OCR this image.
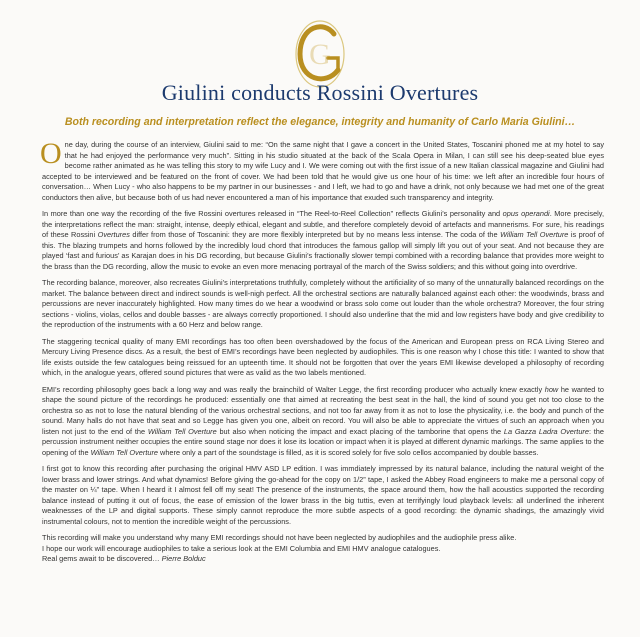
G
Giulini conducts Rossini Overtures
Both recording and interpretation reflect the elegance, integrity and humanity of Carlo Maria Giulini…

One day, during the course of an interview, Giulini said to me: “On the same night that I gave a concert in the United States, Toscanini phoned me at my hotel to say that he had enjoyed the performance very much”. Sitting in his studio situated at the back of the Scala Opera in Milan, I can still see his deep-seated blue eyes become rather animated as he was telling this story to my wife Lucy and I. We were coming out with the first issue of a new Italian classical magazine and Giulini had accepted to be interviewed and be featured on the front of cover. We had been told that he would give us one hour of his time: we left after an incredible four hours of conversation… When Lucy - who also happens to be my partner in our businesses - and I left, we had to go and have a drink, not only because we had met one of the great conductors then alive, but because both of us had never encountered a man of his importance that exuded such transparency and integrity.

In more than one way the recording of the five Rossini overtures released in “The Reel-to-Reel Collection” reflects Giulini’s personality and opus operandi. More precisely, the interpretations reflect the man: straight, intense, deeply ethical, elegant and subtle, and therefore completely devoid of artefacts and mannerisms. For sure, his readings of these Rossini Overtures differ from those of Toscanini: they are more flexibly interpreted but by no means less intense. The coda of the William Tell Overture is proof of this. The blazing trumpets and horns followed by the incredibly loud chord that introduces the famous gallop will simply lift you out of your seat. And not because they are played ‘fast and furious’ as Karajan does in his DG recording, but because Giulini’s fractionally slower tempi combined with a recording balance that provides more weight to the brass than the DG recording, allow the music to evoke an even more menacing portrayal of the march of the Swiss soldiers; and this without going into overdrive.

The recording balance, moreover, also recreates Giulini’s interpretations truthfully, completely without the artificiality of so many of the unnaturally balanced recordings on the market. The balance between direct and indirect sounds is well-nigh perfect. All the orchestral sections are naturally balanced against each other: the woodwinds, brass and percussions are never inaccurately highlighted. How many times do we hear a woodwind or brass solo come out louder than the whole orchestra? Moreover, the four string sections - violins, violas, cellos and double basses - are always correctly proportioned. I should also underline that the mid and low registers have body and give credibility to the reproduction of the instruments with a 60 Herz and below range.

The staggering tecnical quality of many EMI recordings has too often been overshadowed by the focus of the American and European press on RCA Living Stereo and Mercury Living Presence discs. As a result, the best of EMI’s recordings have been neglected by audiophiles. This is one reason why I chose this title: I wanted to show that life exists outside the few catalogues being reissued for an upteenth time. It should not be forgotten that over the years EMI likewise developed a philosophy of recording which, in the analogue years, offered sound pictures that were as valid as the two labels mentioned.

EMI’s recording philosophy goes back a long way and was really the brainchild of Walter Legge, the first recording producer who actually knew exactly how he wanted to shape the sound picture of the recordings he produced: essentially one that aimed at recreating the best seat in the hall, the kind of sound you get not too close to the orchestra so as not to lose the natural blending of the various orchestral sections, and not too far away from it as not to lose the physicality, i.e. the body and punch of the sound. Many halls do not have that seat and so Legge has given you one, albeit on record. You will also be able to appreciate the virtues of such an approach when you listen not just to the end of the William Tell Overture but also when noticing the impact and exact placing of the tamborine that opens the La Gazza Ladra Overture: the percussion instrument neither occupies the entire sound stage nor does it lose its location or impact when it is played at different dynamic markings. The same applies to the opening of the William Tell Overture where only a part of the soundstage is filled, as it is scored solely for five solo cellos accompanied by double basses.

I first got to know this recording after purchasing the original HMV ASD LP edition. I was immdiately impressed by its natural balance, including the natural weight of the lower brass and lower strings. And what dynamics! Before giving the go-ahead for the copy on 1/2” tape, I asked the Abbey Road engineers to make me a personal copy of the master on ¼” tape. When I heard it I almost fell off my seat! The presence of the instruments, the space around them, how the hall acoustics supported the recording balance instead of putting it out of focus, the ease of emission of the lower brass in the big tuttis, even at terrifyingly loud playback levels: all underlined the inherent weaknesses of the LP and digital supports. These simply cannot reproduce the more subtle aspects of a good recording: the dynamic shadings, the amazingly vivid instrumental colours, not to mention the incredible weight of the percussions.

This recording will make you understand why many EMI recordings should not have been neglected by audiophiles and the audiophile press alike.
I hope our work will encourage audiophiles to take a serious look at the EMI Columbia and EMI HMV analogue catalogues.
Real gems await to be discovered… Pierre Bolduc
